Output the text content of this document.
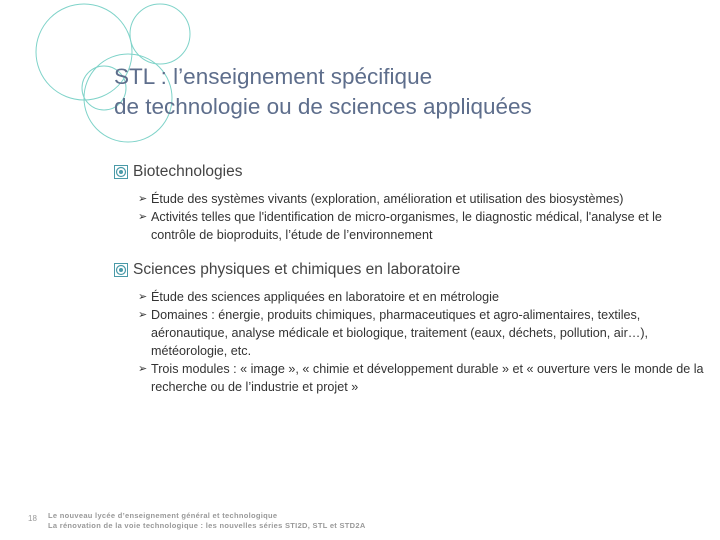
STL : l’enseignement spécifique
de technologie ou de sciences appliquées
Biotechnologies
➢ Étude des systèmes vivants (exploration, amélioration et utilisation des biosystèmes)
➢ Activités telles que l'identification de micro-organismes, le diagnostic médical, l'analyse et le contrôle de bioproduits, l’étude de l’environnement
Sciences physiques et chimiques en laboratoire
➢ Étude des sciences appliquées en laboratoire et en métrologie
➢ Domaines : énergie, produits chimiques, pharmaceutiques et agro-alimentaires, textiles, aéronautique, analyse médicale et biologique, traitement (eaux, déchets, pollution, air…), météorologie, etc.
➢ Trois modules : « image », « chimie et développement durable » et « ouverture vers le monde de la recherche ou de l’industrie et projet »
18 Le nouveau lycée d’enseignement général et technologique
La rénovation de la voie technologique : les nouvelles séries STI2D, STL et STD2A
